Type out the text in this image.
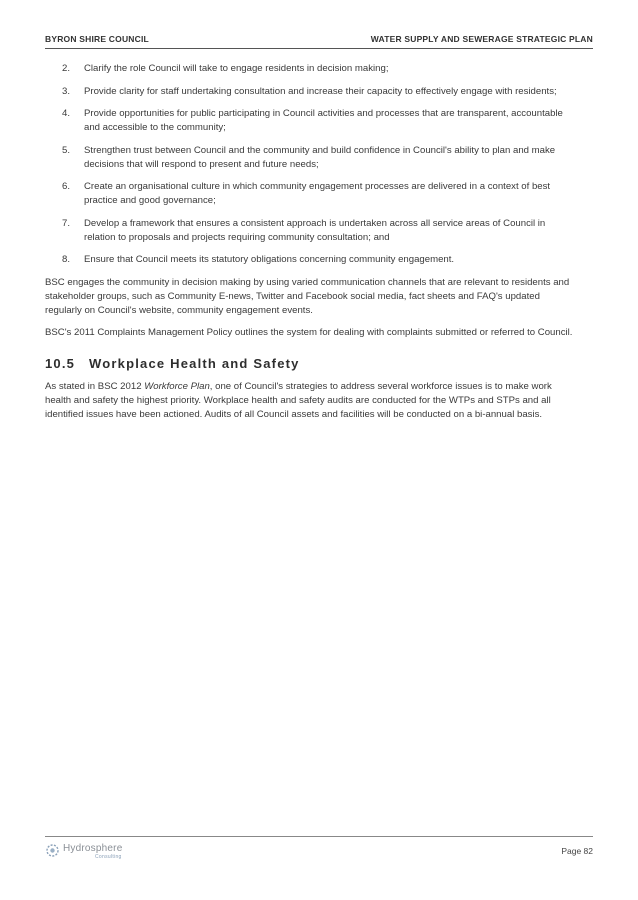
BYRON SHIRE COUNCIL	WATER SUPPLY AND SEWERAGE STRATEGIC PLAN
2. Clarify the role Council will take to engage residents in decision making;
3. Provide clarity for staff undertaking consultation and increase their capacity to effectively engage with residents;
4. Provide opportunities for public participating in Council activities and processes that are transparent, accountable and accessible to the community;
5. Strengthen trust between Council and the community and build confidence in Council's ability to plan and make decisions that will respond to present and future needs;
6. Create an organisational culture in which community engagement processes are delivered in a context of best practice and good governance;
7. Develop a framework that ensures a consistent approach is undertaken across all service areas of Council in relation to proposals and projects requiring community consultation; and
8. Ensure that Council meets its statutory obligations concerning community engagement.

BSC engages the community in decision making by using varied communication channels that are relevant to residents and stakeholder groups, such as Community E-news, Twitter and Facebook social media, fact sheets and FAQ's updated regularly on Council's website, community engagement events.

BSC's 2011 Complaints Management Policy outlines the system for dealing with complaints submitted or referred to Council.

10.5 Workplace Health and Safety

As stated in BSC 2012 Workforce Plan, one of Council's strategies to address several workforce issues is to make work health and safety the highest priority. Workplace health and safety audits are conducted for the WTPs and STPs and all identified issues have been actioned. Audits of all Council assets and facilities will be conducted on a bi-annual basis.

Hydrosphere
Consulting
Page 82
